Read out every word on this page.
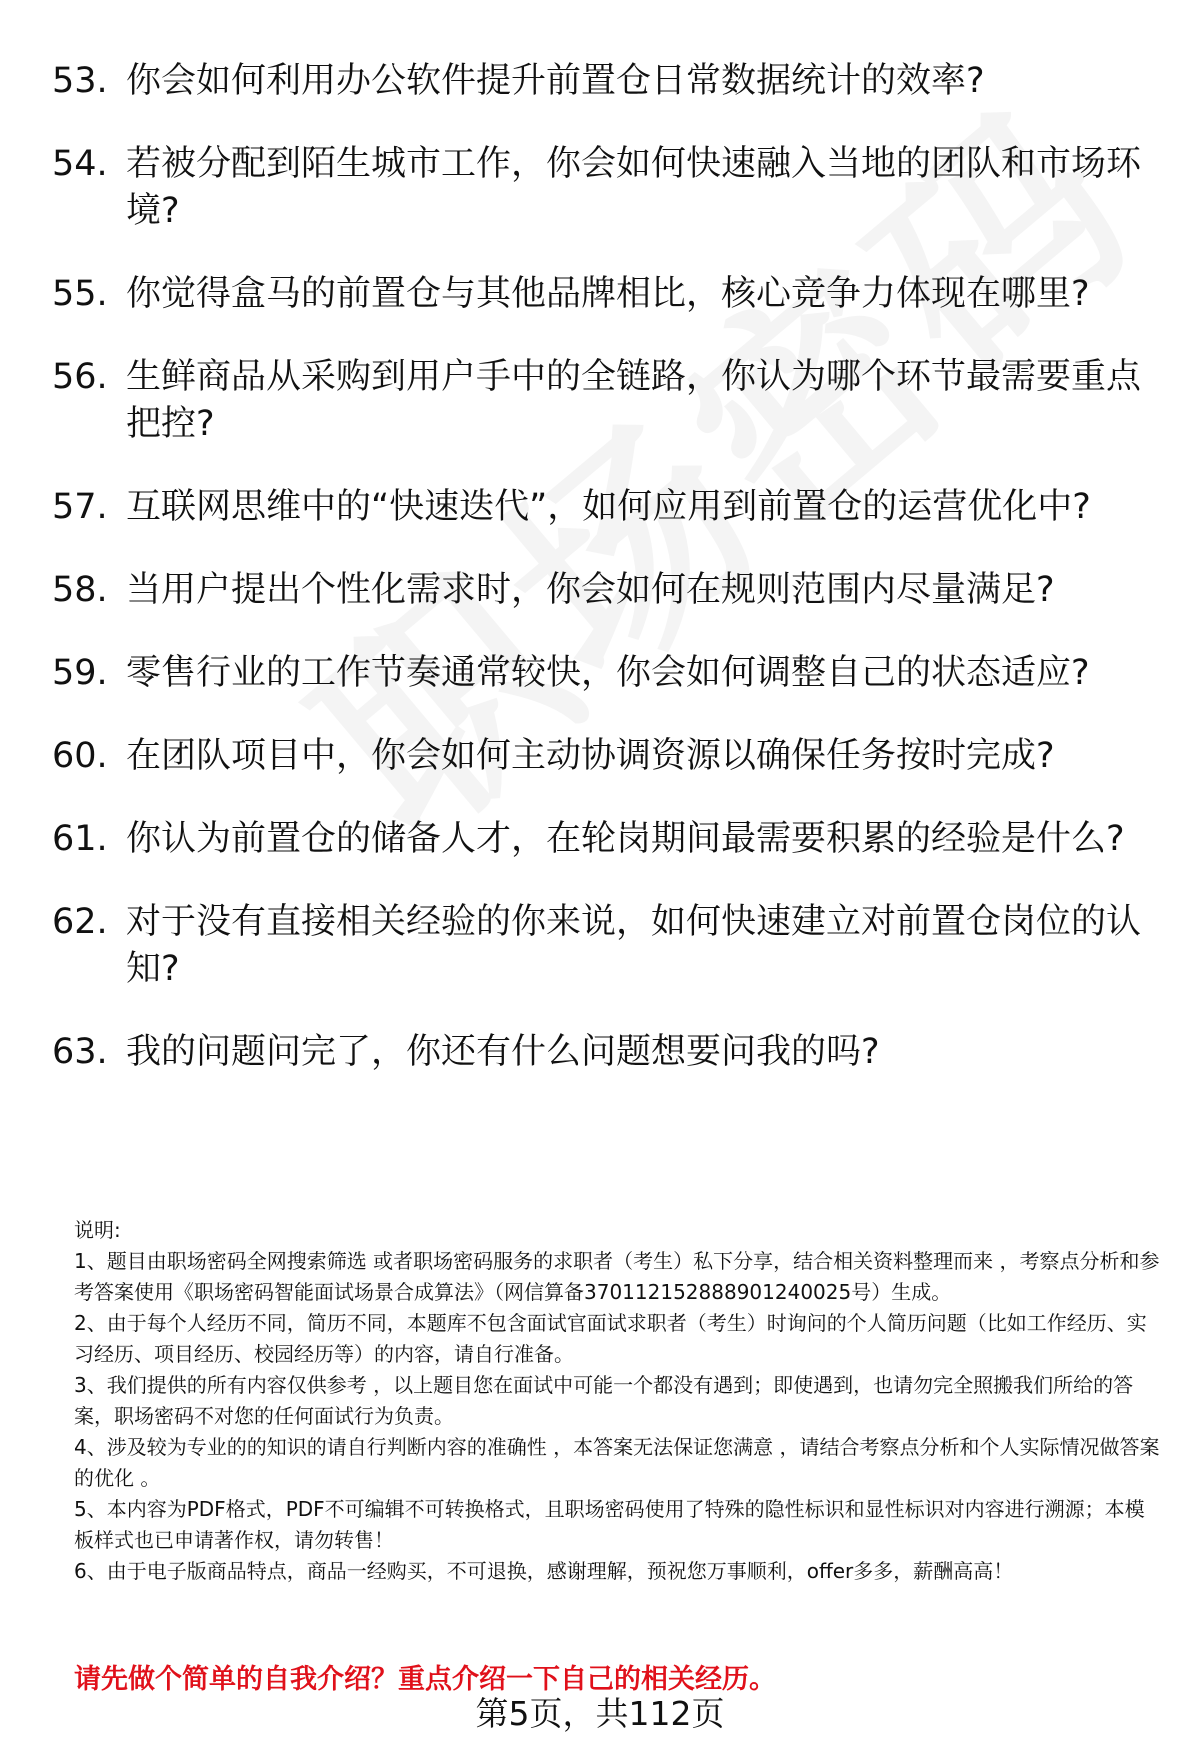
53. 你会如何利用办公软件提升前置仓日常数据统计的效率?
54. 若被分配到陌生城市工作，你会如何快速融入当地的团队和市场环境?
55. 你觉得盒马的前置仓与其他品牌相比，核心竞争力体现在哪里?
56. 生鲜商品从采购到用户手中的全链路，你认为哪个环节最需要重点把控?
57. 互联网思维中的“快速迭代”，如何应用到前置仓的运营优化中?
58. 当用户提出个性化需求时，你会如何在规则范围内尽量满足?
59. 零售行业的工作节奏通常较快，你会如何调整自己的状态适应?
60. 在团队项目中，你会如何主动协调资源以确保任务按时完成?
61. 你认为前置仓的储备人才，在轮岗期间最需要积累的经验是什么?
62. 对于没有直接相关经验的你来说，如何快速建立对前置仓岗位的认知?
63. 我的问题问完了，你还有什么问题想要问我的吗?

说明:

1、题目由职场密码全网搜索筛选 或者职场密码服务的求职者（考生）私下分享，结合相关资料整理而来 ，考察点分析和参考答案使用《职场密码智能面试场景合成算法》（网信算备370112152888901240025号）生成。

2、由于每个人经历不同，简历不同，本题库不包含面试官面试求职者（考生）时询问的个人简历问题（比如工作经历、实习经历、项目经历、校园经历等）的内容，请自行准备。

3、我们提供的所有内容仅供参考 ，以上题目您在面试中可能一个都没有遇到；即使遇到，也请勿完全照搬我们所给的答案，职场密码不对您的任何面试行为负责。

4、涉及较为专业的的知识的请自行判断内容的准确性 ，本答案无法保证您满意 ，请结合考察点分析和个人实际情况做答案的优化 。

5、本内容为PDF格式，PDF不可编辑不可转换格式，且职场密码使用了特殊的隐性标识和显性标识对内容进行溯源；本模板样式也已申请著作权，请勿转售！

6、由于电子版商品特点，商品一经购买，不可退换，感谢理解，预祝您万事顺利，offer多多，薪酬高高！

请先做个简单的自我介绍？重点介绍一下自己的相关经历。
第5页，共112页
